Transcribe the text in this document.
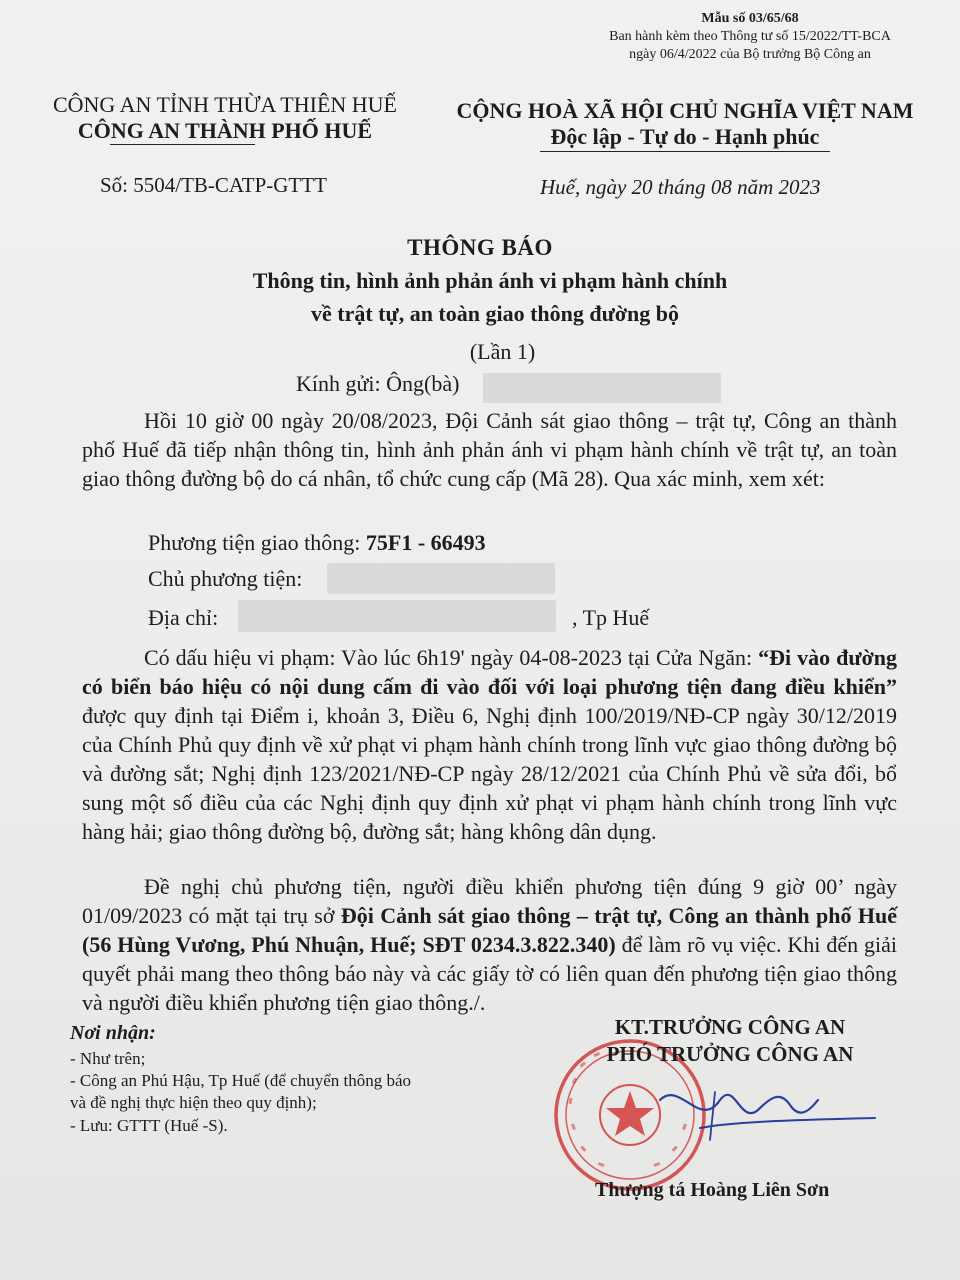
Mẫu số 03/65/68
Ban hành kèm theo Thông tư số 15/2022/TT-BCA
ngày 06/4/2022 của Bộ trưởng Bộ Công an
CÔNG AN TỈNH THỪA THIÊN HUẾ
CÔNG AN THÀNH PHỐ HUẾ
CỘNG HOÀ XÃ HỘI CHỦ NGHĨA VIỆT NAM
Độc lập - Tự do - Hạnh phúc
Số: 5504/TB-CATP-GTTT	Huế, ngày 20 tháng 08 năm 2023
THÔNG BÁO
Thông tin, hình ảnh phản ánh vi phạm hành chính
về trật tự, an toàn giao thông đường bộ
(Lần 1)
Kính gửi: Ông(bà)
Hồi 10 giờ 00 ngày 20/08/2023, Đội Cảnh sát giao thông – trật tự, Công an thành phố Huế đã tiếp nhận thông tin, hình ảnh phản ánh vi phạm hành chính về trật tự, an toàn giao thông đường bộ do cá nhân, tổ chức cung cấp (Mã 28). Qua xác minh, xem xét:
Phương tiện giao thông: 75F1 - 66493
Chủ phương tiện:
Địa chỉ:	, Tp Huế
Có dấu hiệu vi phạm: Vào lúc 6h19' ngày 04-08-2023 tại Cửa Ngăn: “Đi vào đường có biển báo hiệu có nội dung cấm đi vào đối với loại phương tiện đang điều khiển” được quy định tại Điểm i, khoản 3, Điều 6, Nghị định 100/2019/NĐ-CP ngày 30/12/2019 của Chính Phủ quy định về xử phạt vi phạm hành chính trong lĩnh vực giao thông đường bộ và đường sắt; Nghị định 123/2021/NĐ-CP ngày 28/12/2021 của Chính Phủ về sửa đổi, bổ sung một số điều của các Nghị định quy định xử phạt vi phạm hành chính trong lĩnh vực hàng hải; giao thông đường bộ, đường sắt; hàng không dân dụng.
Đề nghị chủ phương tiện, người điều khiển phương tiện đúng 9 giờ 00’ ngày 01/09/2023 có mặt tại trụ sở Đội Cảnh sát giao thông – trật tự, Công an thành phố Huế (56 Hùng Vương, Phú Nhuận, Huế; SĐT 0234.3.822.340) để làm rõ vụ việc. Khi đến giải quyết phải mang theo thông báo này và các giấy tờ có liên quan đến phương tiện giao thông và người điều khiển phương tiện giao thông./.
Nơi nhận:
- Như trên;
- Công an Phú Hậu, Tp Huế (để chuyển thông báo
và đề nghị thực hiện theo quy định);
- Lưu: GTTT (Huế -S).
KT.TRƯỞNG CÔNG AN
PHÓ TRƯỞNG CÔNG AN
Thượng tá Hoàng Liên Sơn
